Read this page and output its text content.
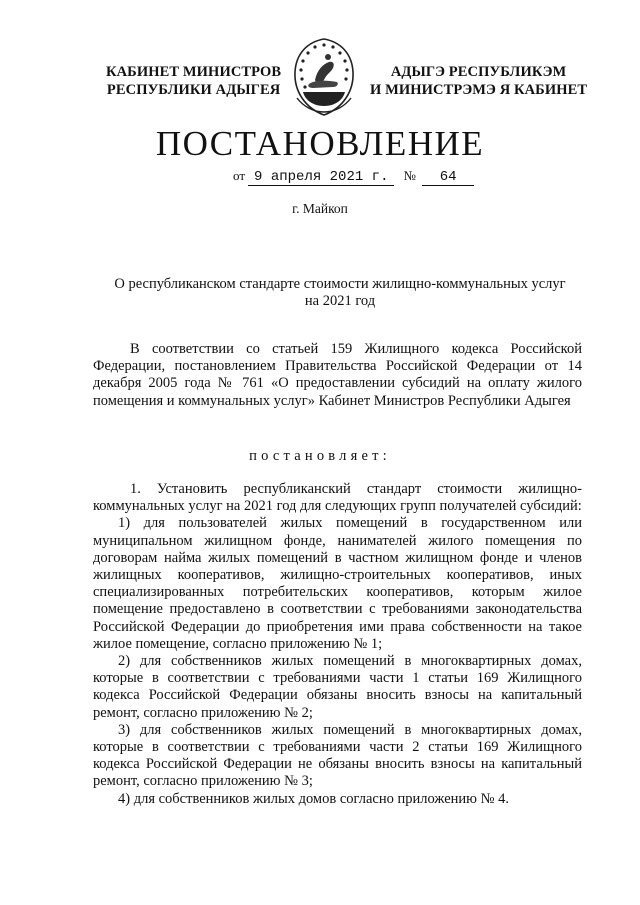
КАБИНЕТ МИНИСТРОВ
РЕСПУБЛИКИ АДЫГЕЯ
АДЫГЭ РЕСПУБЛИКЭМ
И МИНИСТРЭМЭ Я КАБИНЕТ
ПОСТАНОВЛЕНИЕ
от 9 апреля 2021 г. № 64
г. Майкоп
О республиканском стандарте стоимости жилищно-коммунальных услуг
на 2021 год

В соответствии со статьей 159 Жилищного кодекса Российской Федерации, постановлением Правительства Российской Федерации от 14 декабря 2005 года № 761 «О предоставлении субсидий на оплату жилого помещения и коммунальных услуг» Кабинет Министров Республики Адыгея

постановляет:

1. Установить республиканский стандарт стоимости жилищно-коммунальных услуг на 2021 год для следующих групп получателей субсидий:

1) для пользователей жилых помещений в государственном или муниципальном жилищном фонде, нанимателей жилого помещения по договорам найма жилых помещений в частном жилищном фонде и членов жилищных кооперативов, жилищно-строительных кооперативов, иных специализированных потребительских кооперативов, которым жилое помещение предоставлено в соответствии с требованиями законодательства Российской Федерации до приобретения ими права собственности на такое жилое помещение, согласно приложению № 1;

2) для собственников жилых помещений в многоквартирных домах, которые в соответствии с требованиями части 1 статьи 169 Жилищного кодекса Российской Федерации обязаны вносить взносы на капитальный ремонт, согласно приложению № 2;

3) для собственников жилых помещений в многоквартирных домах, которые в соответствии с требованиями части 2 статьи 169 Жилищного кодекса Российской Федерации не обязаны вносить взносы на капитальный ремонт, согласно приложению № 3;

4) для собственников жилых домов согласно приложению № 4.
